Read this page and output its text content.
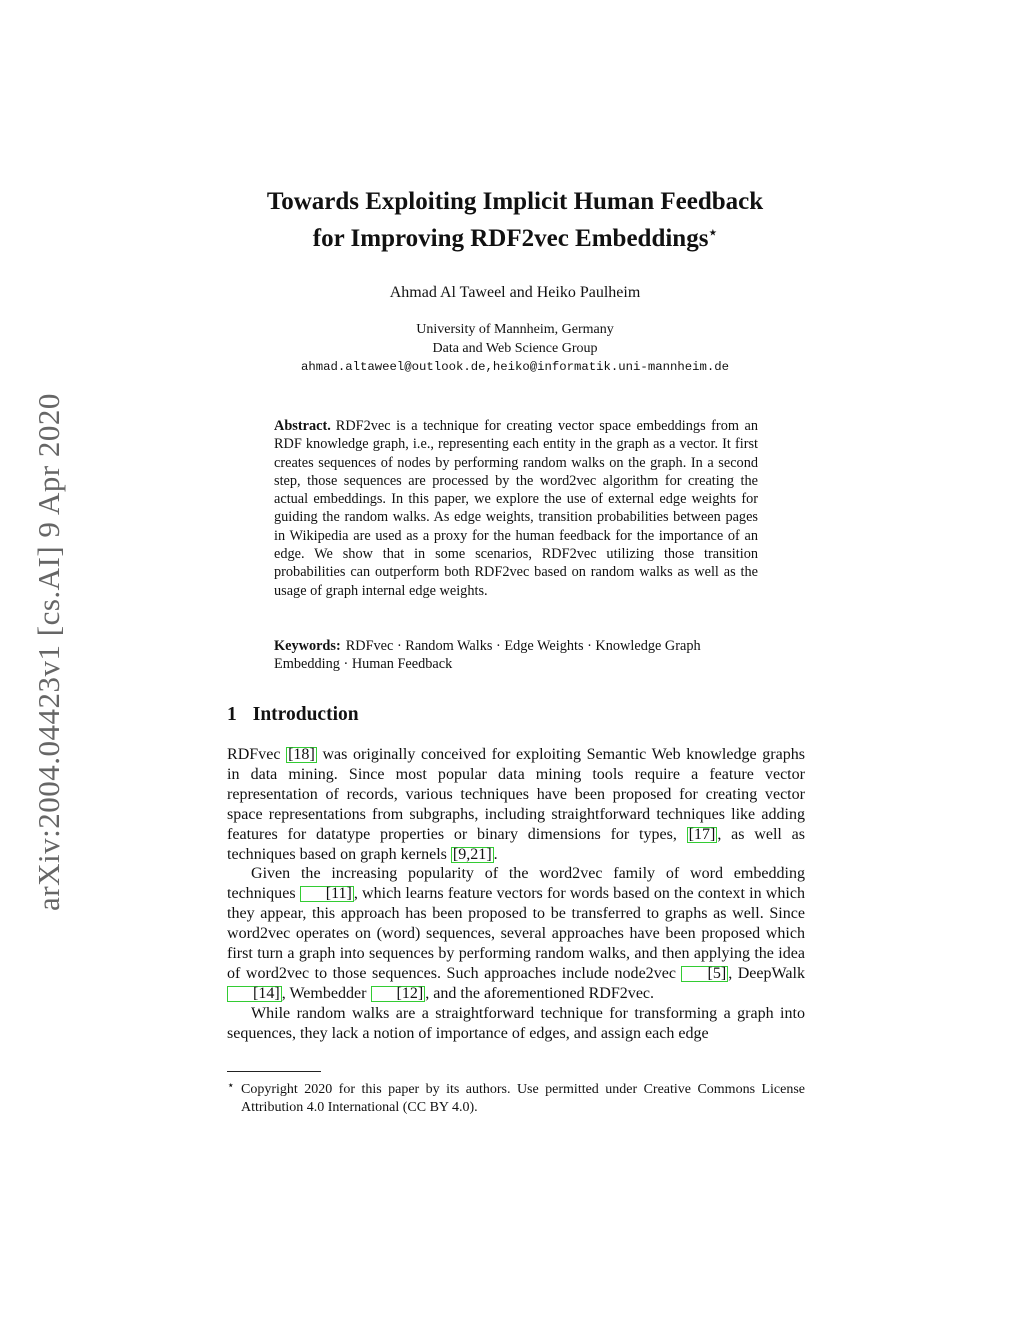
arXiv:2004.04423v1 [cs.AI] 9 Apr 2020
Towards Exploiting Implicit Human Feedback
for Improving RDF2vec Embeddings⋆
Ahmad Al Taweel and Heiko Paulheim
University of Mannheim, Germany
Data and Web Science Group
ahmad.altaweel@outlook.de,heiko@informatik.uni-mannheim.de

Abstract. RDF2vec is a technique for creating vector space embeddings from an RDF knowledge graph, i.e., representing each entity in the graph as a vector. It first creates sequences of nodes by performing random walks on the graph. In a second step, those sequences are processed by the word2vec algorithm for creating the actual embeddings. In this paper, we explore the use of external edge weights for guiding the random walks. As edge weights, transition probabilities between pages in Wikipedia are used as a proxy for the human feedback for the importance of an edge. We show that in some scenarios, RDF2vec utilizing those transition probabilities can outperform both RDF2vec based on random walks as well as the usage of graph internal edge weights.

Keywords: RDFvec · Random Walks · Edge Weights · Knowledge Graph Embedding · Human Feedback

1 Introduction

RDFvec [18] was originally conceived for exploiting Semantic Web knowledge graphs in data mining. Since most popular data mining tools require a feature vector representation of records, various techniques have been proposed for creating vector space representations from subgraphs, including straightforward techniques like adding features for datatype properties or binary dimensions for types, [17] , as well as techniques based on graph kernels [9,21] .

Given the increasing popularity of the word2vec family of word embedding techniques [11] , which learns feature vectors for words based on the context in which they appear, this approach has been proposed to be transferred to graphs as well. Since word2vec operates on (word) sequences, several approaches have been proposed which first turn a graph into sequences by performing random walks, and then applying the idea of word2vec to those sequences. Such approaches include node2vec [5] , DeepWalk [14] , Wembedder [12] , and the aforementioned RDF2vec.

While random walks are a straightforward technique for transforming a graph into sequences, they lack a notion of importance of edges, and assign each edge

⋆ Copyright 2020 for this paper by its authors. Use permitted under Creative Commons License Attribution 4.0 International (CC BY 4.0).
